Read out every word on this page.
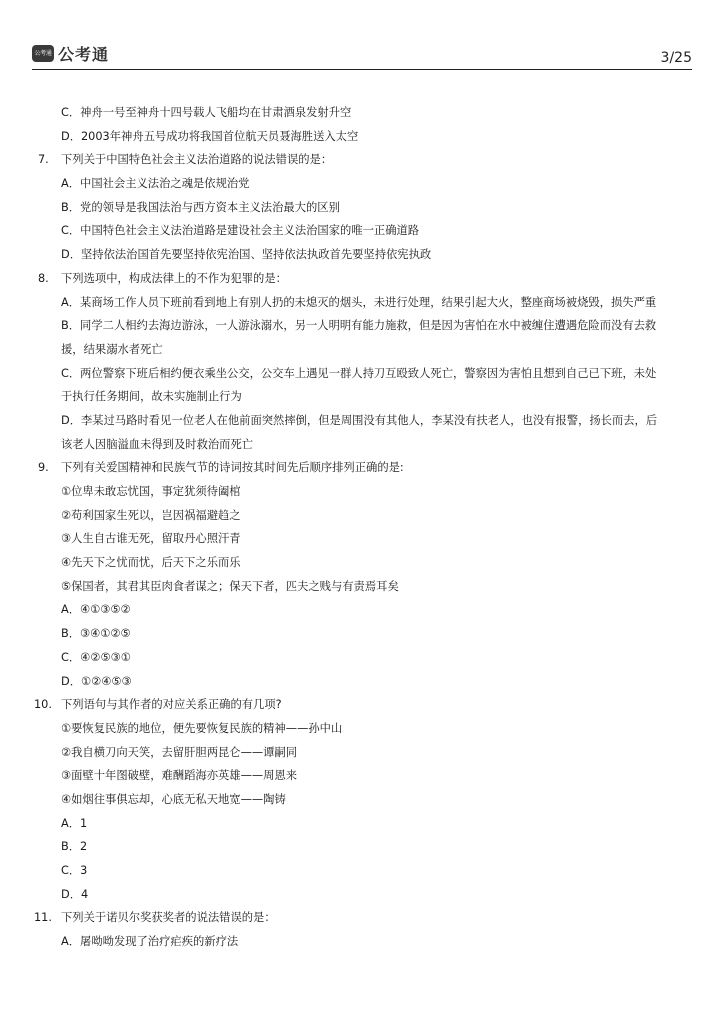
公考通 公考通	3/25
C．神舟一号至神舟十四号载人飞船均在甘肃酒泉发射升空
D．2003年神舟五号成功将我国首位航天员聂海胜送入太空
7. 下列关于中国特色社会主义法治道路的说法错误的是：
A．中国社会主义法治之魂是依规治党
B．党的领导是我国法治与西方资本主义法治最大的区别
C．中国特色社会主义法治道路是建设社会主义法治国家的唯一正确道路
D．坚持依法治国首先要坚持依宪治国、坚持依法执政首先要坚持依宪执政
8. 下列选项中，构成法律上的不作为犯罪的是：
A．某商场工作人员下班前看到地上有别人扔的未熄灭的烟头，未进行处理，结果引起大火，整座商场被烧毁，损失严重
B．同学二人相约去海边游泳，一人游泳溺水，另一人明明有能力施救，但是因为害怕在水中被缠住遭遇危险而没有去救
援，结果溺水者死亡
C．两位警察下班后相约便衣乘坐公交，公交车上遇见一群人持刀互殴致人死亡，警察因为害怕且想到自己已下班，未处
于执行任务期间，故未实施制止行为
D．李某过马路时看见一位老人在他前面突然摔倒，但是周围没有其他人，李某没有扶老人，也没有报警，扬长而去，后
该老人因脑溢血未得到及时救治而死亡
9. 下列有关爱国精神和民族气节的诗词按其时间先后顺序排列正确的是:
①位卑未敢忘忧国，事定犹须待阖棺
②苟利国家生死以，岂因祸福避趋之
③人生自古谁无死，留取丹心照汗青
④先天下之忧而忧，后天下之乐而乐
⑤保国者，其君其臣肉食者谋之；保天下者，匹夫之贱与有责焉耳矣
A．④①③⑤②
B．③④①②⑤
C．④②⑤③①
D．①②④⑤③
10. 下列语句与其作者的对应关系正确的有几项?
①要恢复民族的地位，便先要恢复民族的精神——孙中山
②我自横刀向天笑，去留肝胆两昆仑——谭嗣同
③面壁十年图破壁，难酬蹈海亦英雄——周恩来
④如烟往事俱忘却，心底无私天地宽——陶铸
A．1
B．2
C．3
D．4
11. 下列关于诺贝尔奖获奖者的说法错误的是：
A．屠呦呦发现了治疗疟疾的新疗法
